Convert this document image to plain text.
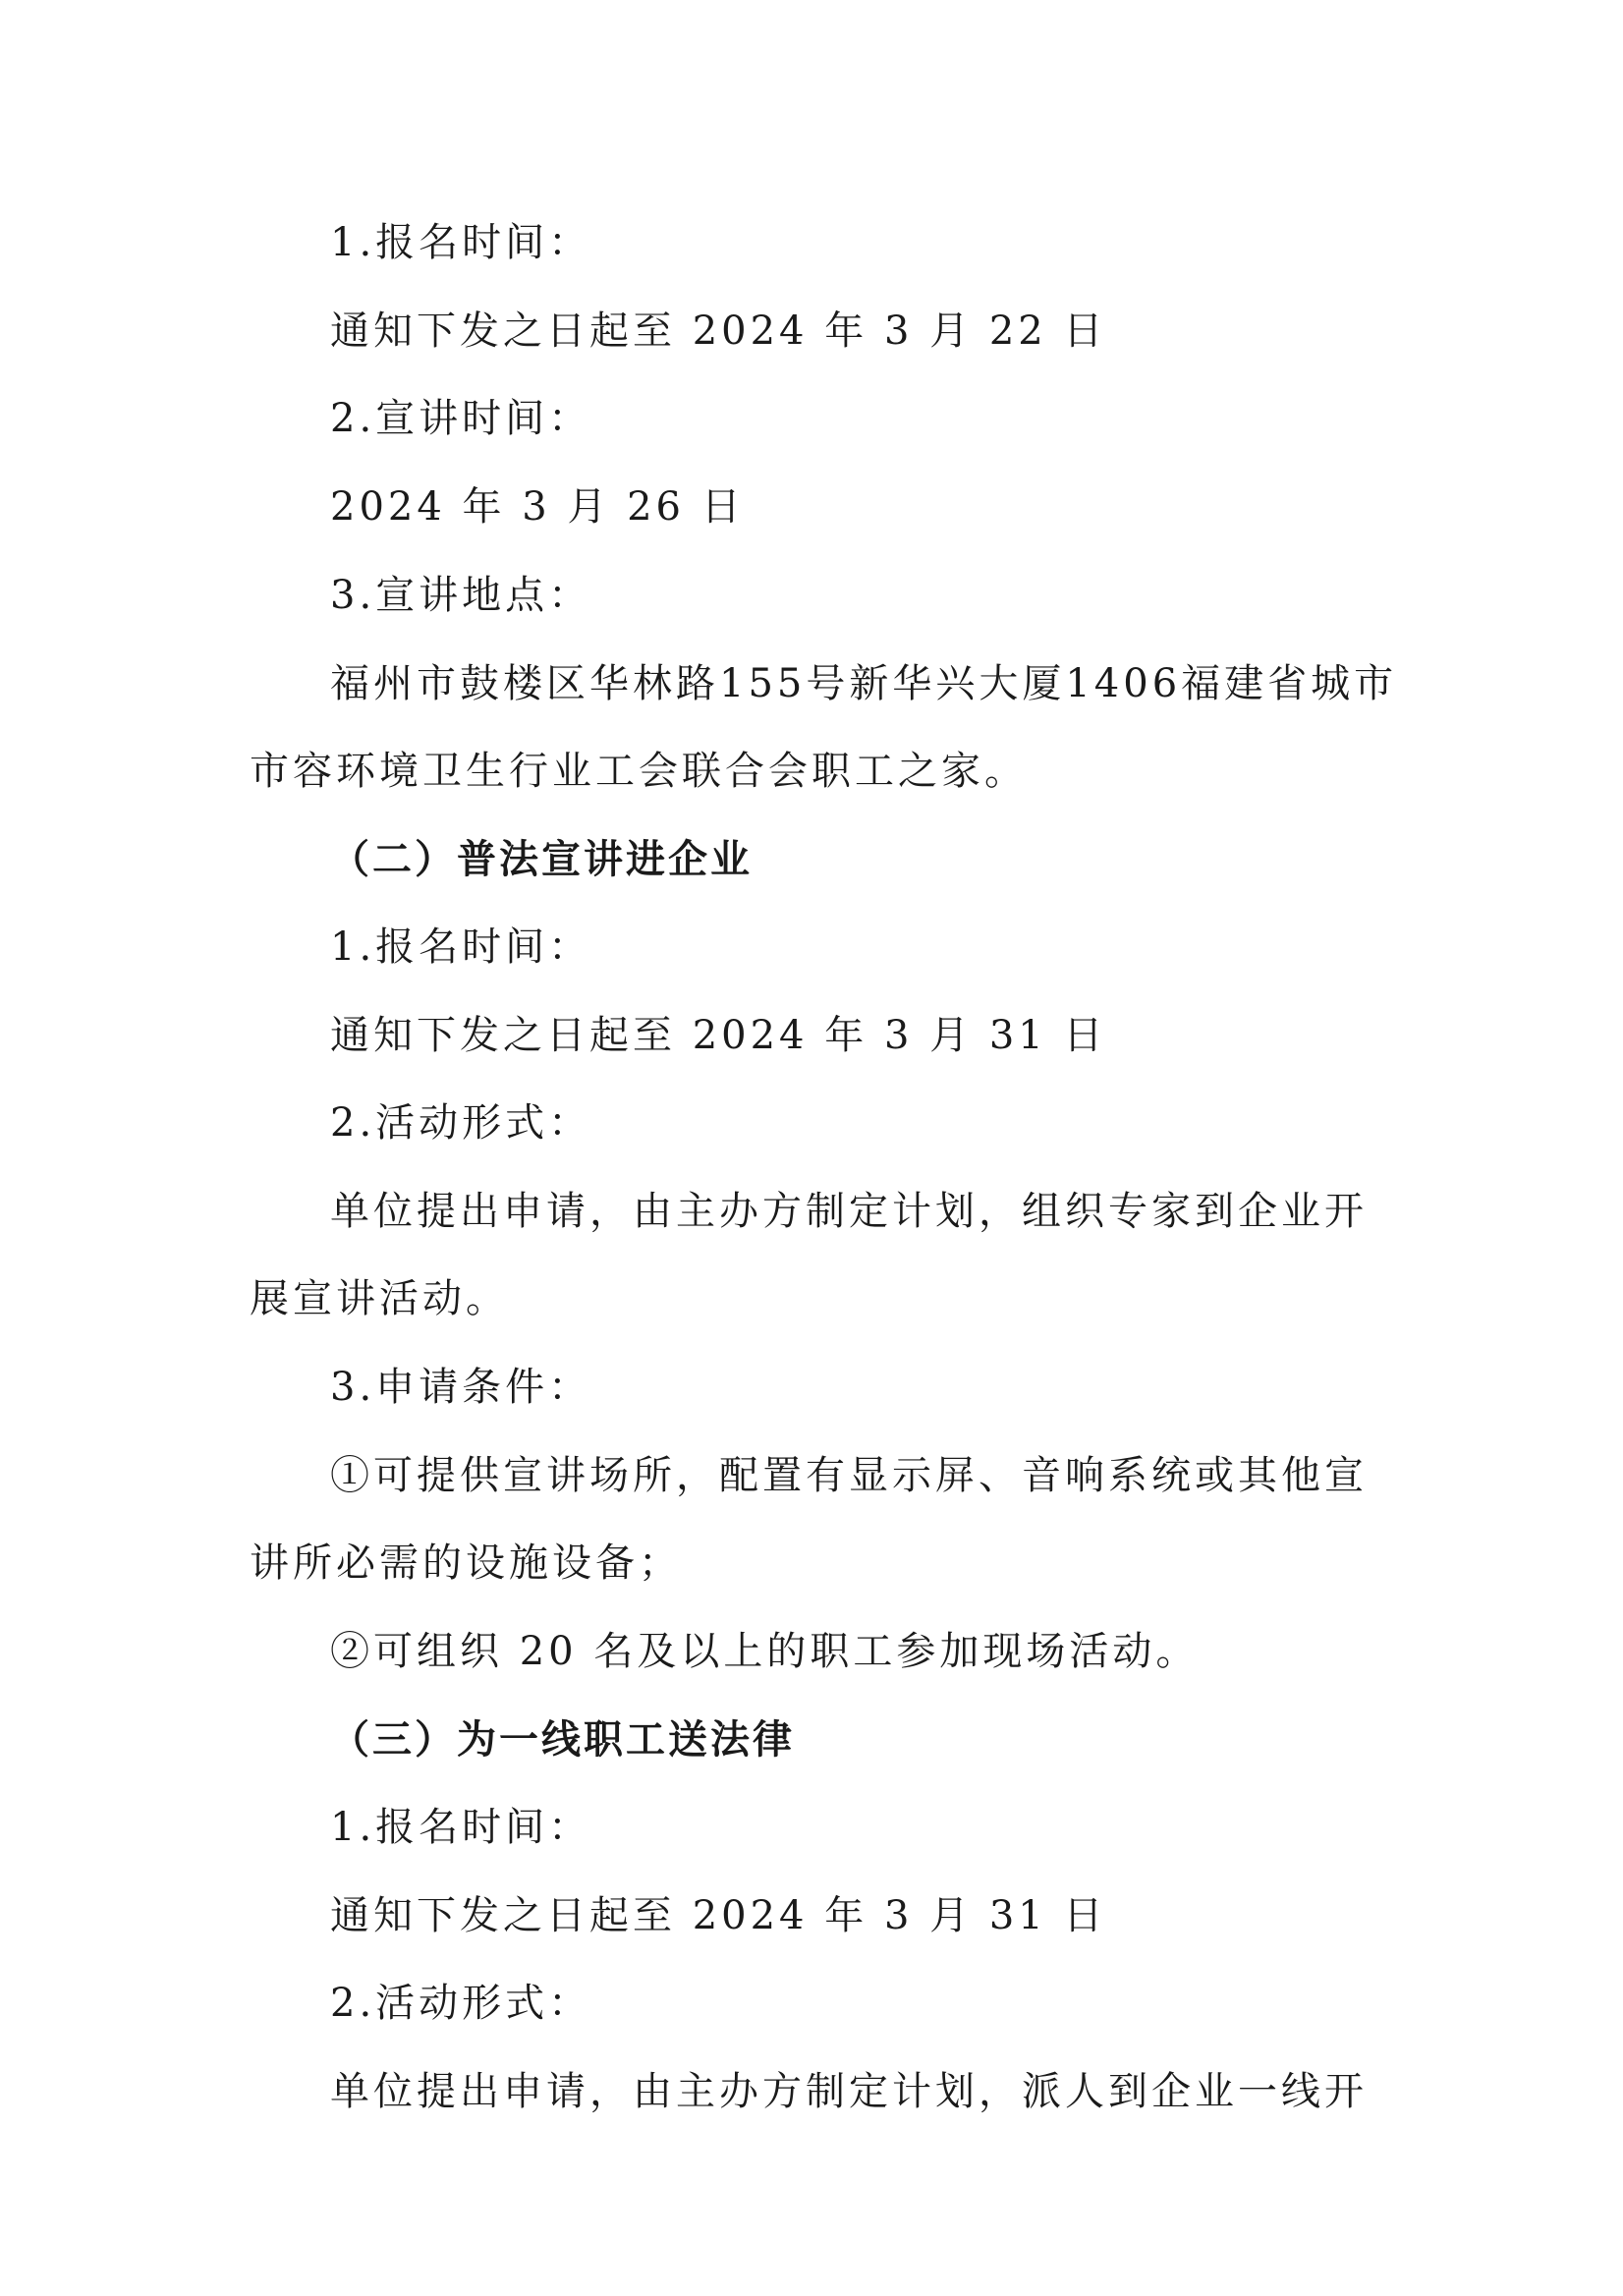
1.报名时间：
通知下发之日起至 2024 年 3 月 22 日
2.宣讲时间：
2024 年 3 月 26 日
3.宣讲地点：
福州市鼓楼区华林路155号新华兴大厦1406福建省城市
市容环境卫生行业工会联合会职工之家。
（二）普法宣讲进企业
1.报名时间：
通知下发之日起至 2024 年 3 月 31 日
2.活动形式：
单位提出申请，由主办方制定计划，组织专家到企业开
展宣讲活动。
3.申请条件：
①可提供宣讲场所，配置有显示屏、音响系统或其他宣
讲所必需的设施设备；
②可组织 20 名及以上的职工参加现场活动。
（三）为一线职工送法律
1.报名时间：
通知下发之日起至 2024 年 3 月 31 日
2.活动形式：
单位提出申请，由主办方制定计划，派人到企业一线开
